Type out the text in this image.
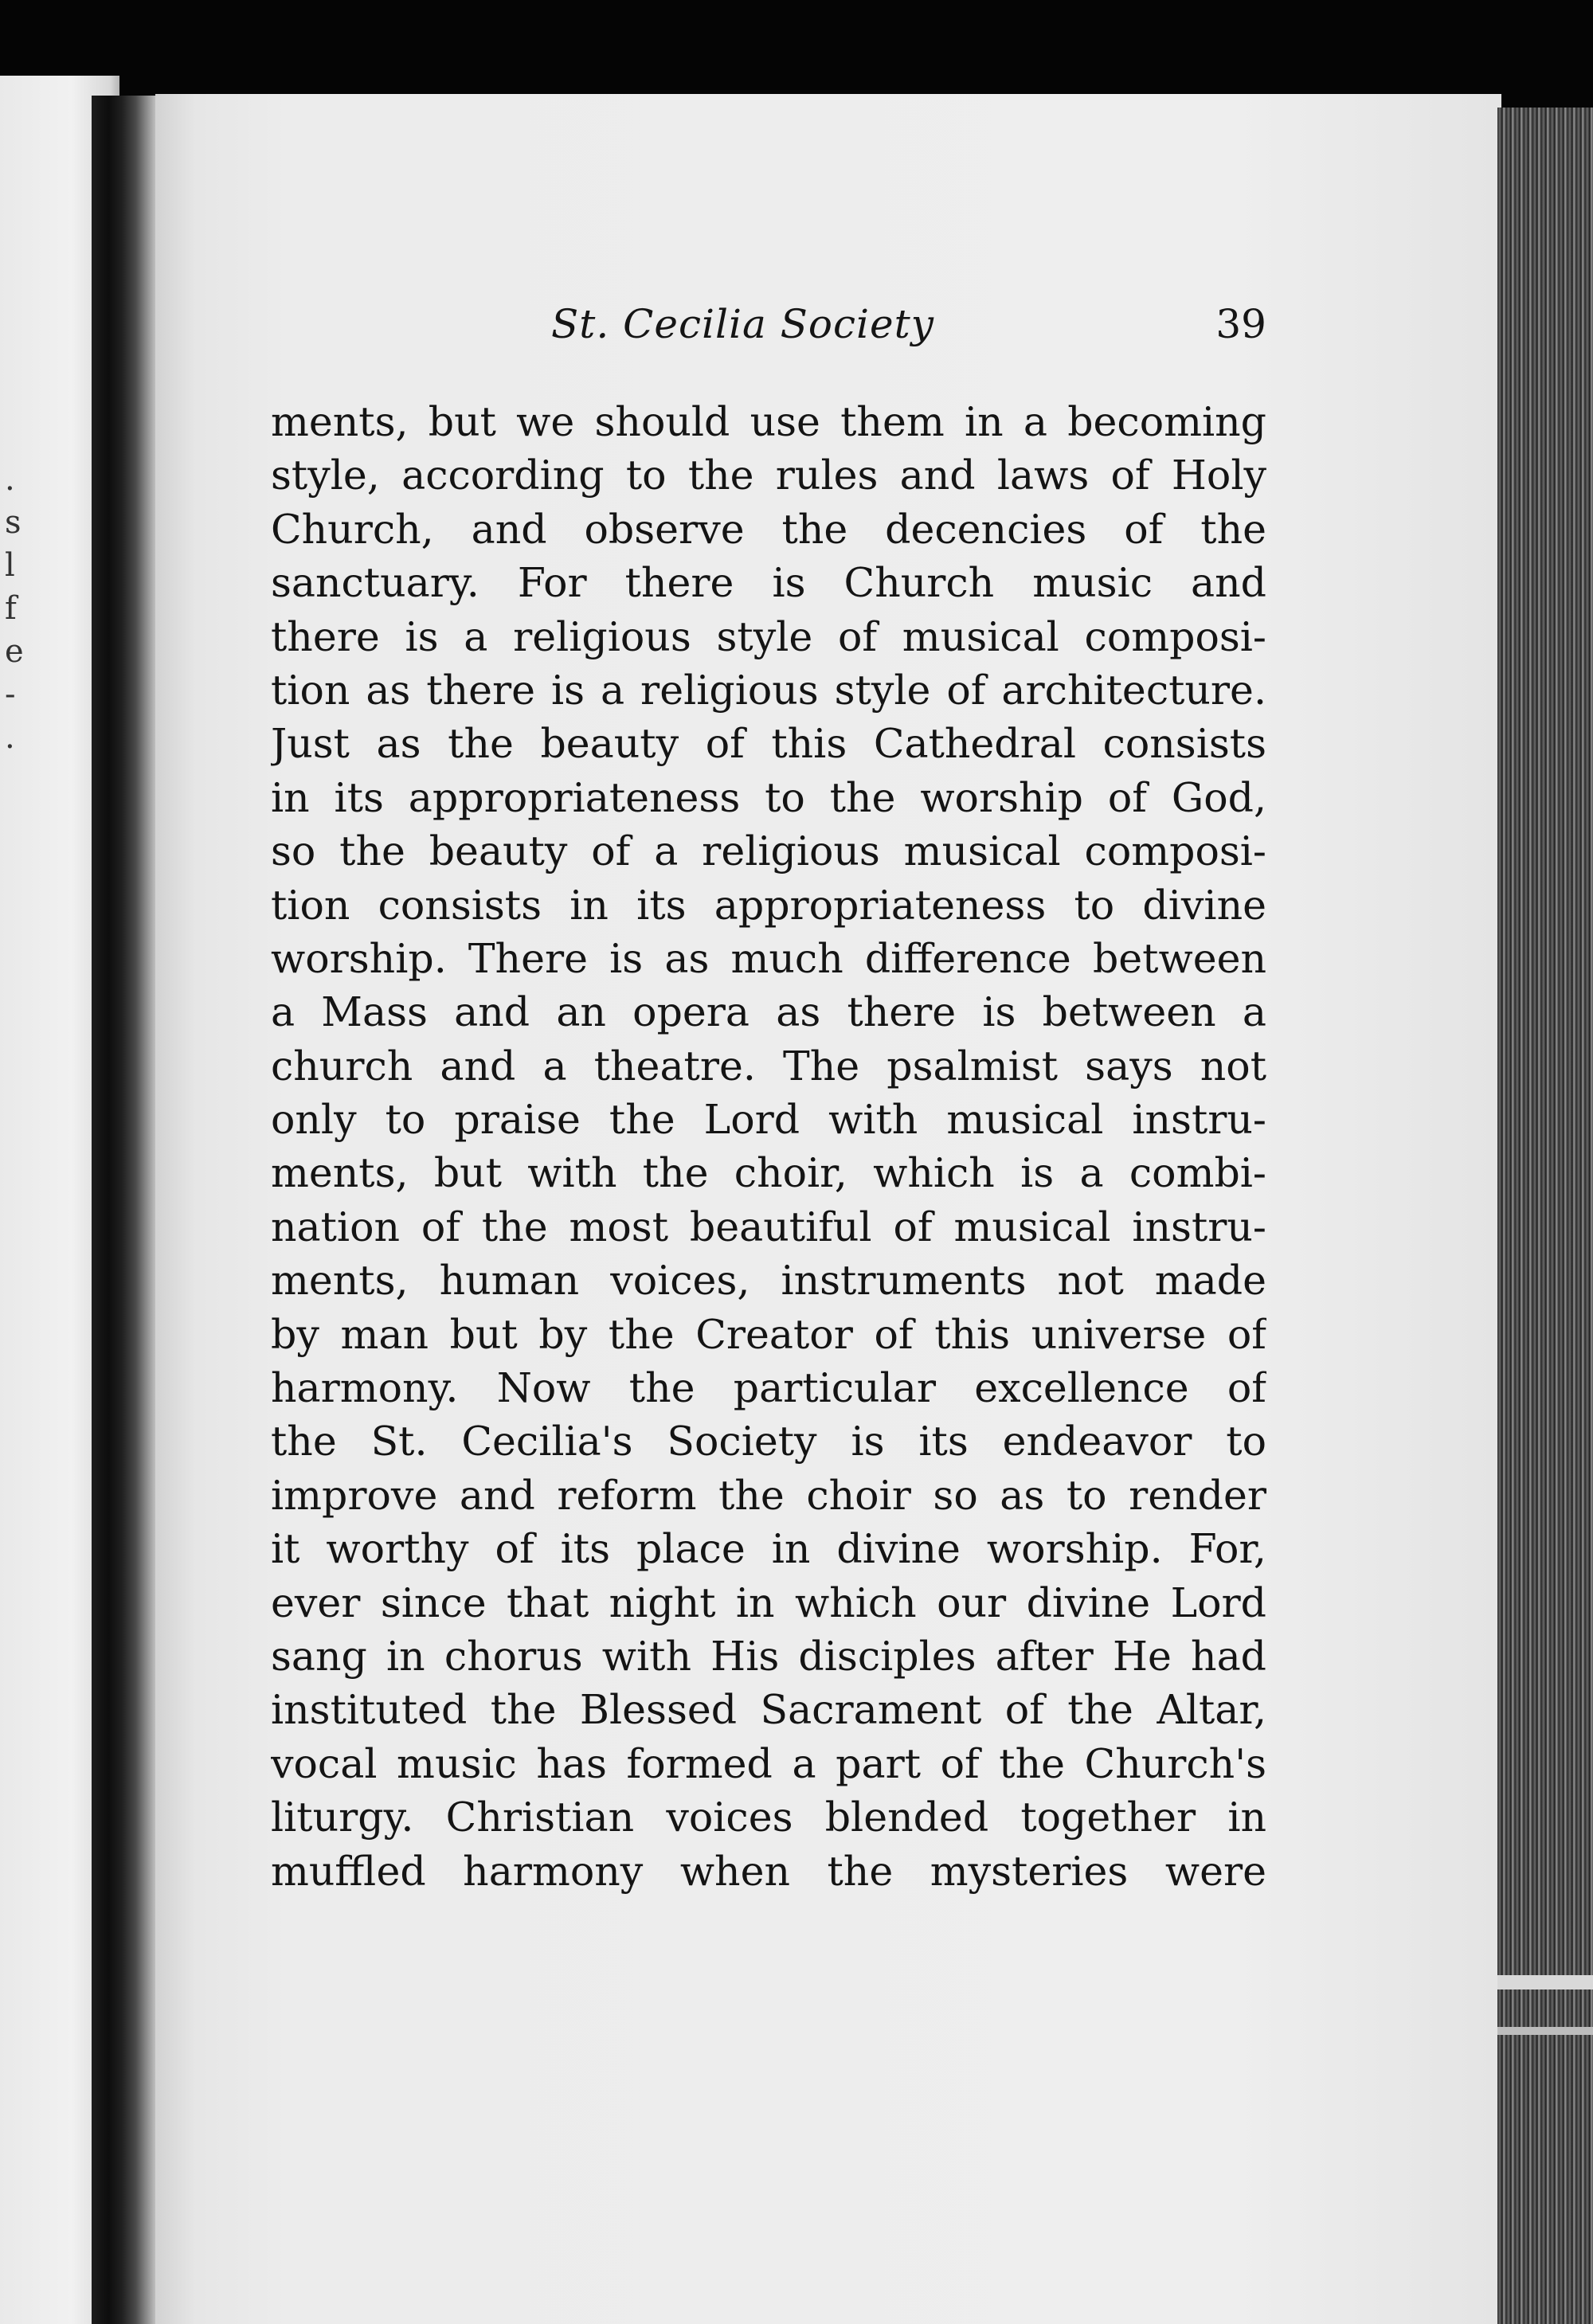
.
s
l
f
e
-
.
St. Cecilia Society	39
ments, but we should use them in a becoming
style, according to the rules and laws of Holy
Church, and observe the decencies of the
sanctuary. For there is Church music and
there is a religious style of musical composi-
tion as there is a religious style of architecture.
Just as the beauty of this Cathedral consists
in its appropriateness to the worship of God,
so the beauty of a religious musical composi-
tion consists in its appropriateness to divine
worship. There is as much difference between
a Mass and an opera as there is between a
church and a theatre. The psalmist says not
only to praise the Lord with musical instru-
ments, but with the choir, which is a combi-
nation of the most beautiful of musical instru-
ments, human voices, instruments not made
by man but by the Creator of this universe of
harmony. Now the particular excellence of
the St. Cecilia's Society is its endeavor to
improve and reform the choir so as to render
it worthy of its place in divine worship. For,
ever since that night in which our divine Lord
sang in chorus with His disciples after He had
instituted the Blessed Sacrament of the Altar,
vocal music has formed a part of the Church's
liturgy. Christian voices blended together in
muffled harmony when the mysteries were
